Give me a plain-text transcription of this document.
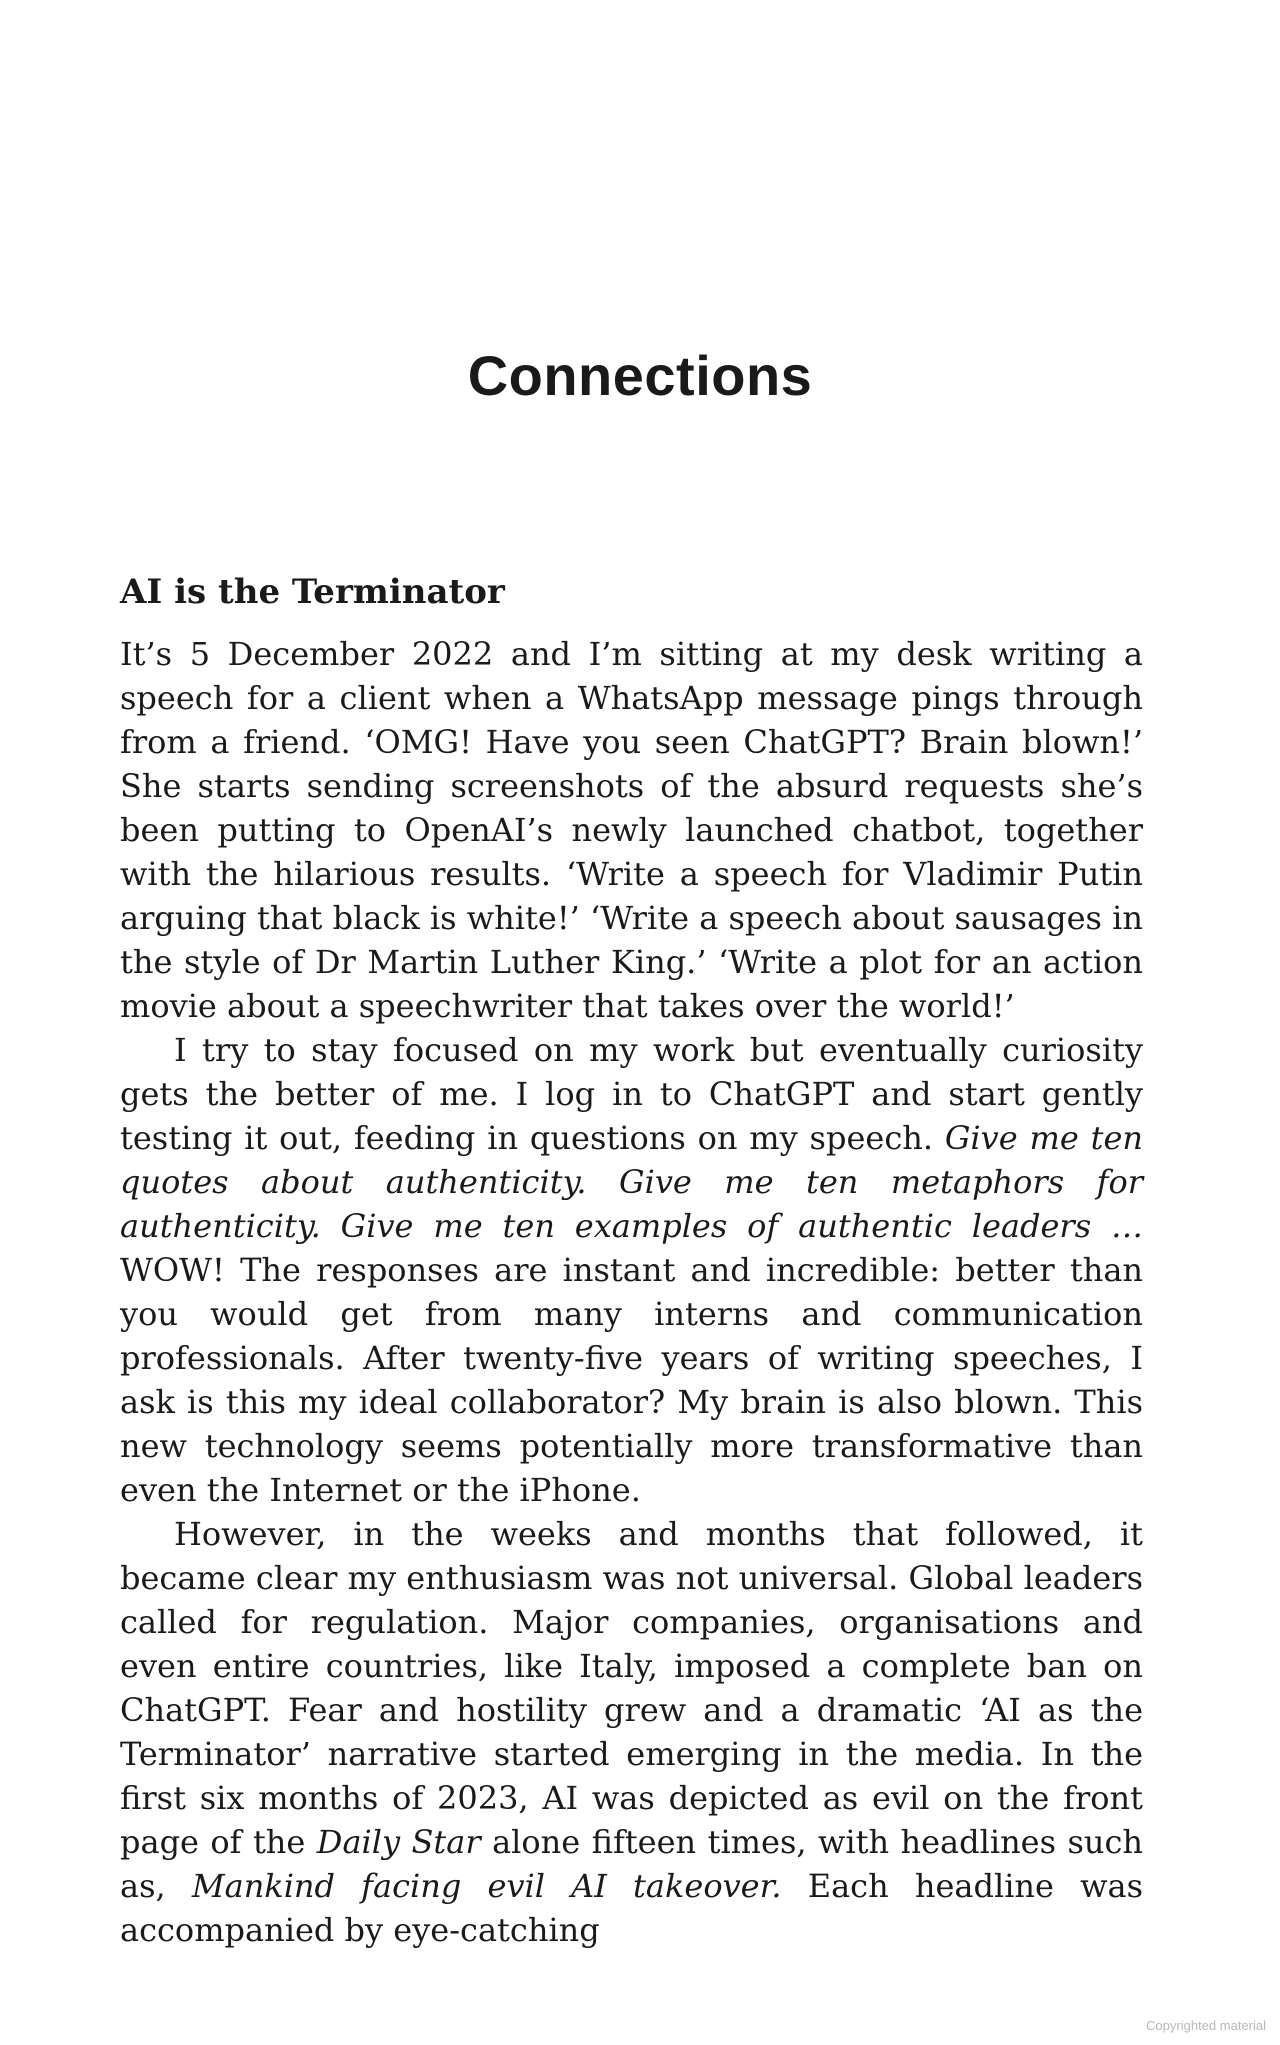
Connections
AI is the Terminator

It’s 5 December 2022 and I’m sitting at my desk writing a speech for a client when a WhatsApp message pings through from a friend. ‘OMG! Have you seen ChatGPT? Brain blown!’ She starts sending screenshots of the absurd requests she’s been putting to OpenAI’s newly launched chatbot, together with the hilarious results. ‘Write a speech for Vladimir Putin arguing that black is white!’ ‘Write a speech about sausages in the style of Dr Martin Luther King.’ ‘Write a plot for an action movie about a speechwriter that takes over the world!’

I try to stay focused on my work but eventually curiosity gets the better of me. I log in to ChatGPT and start gently testing it out, feeding in questions on my speech. Give me ten quotes about authenticity. Give me ten metaphors for authenticity. Give me ten examples of authentic leaders … WOW! The responses are instant and incredible: better than you would get from many interns and communication professionals. After twenty-five years of writing speeches, I ask is this my ideal collaborator? My brain is also blown. This new technology seems potentially more transformative than even the Internet or the iPhone.

However, in the weeks and months that followed, it became clear my enthusiasm was not universal. Global leaders called for regulation. Major companies, organisations and even entire countries, like Italy, imposed a complete ban on ChatGPT. Fear and hostility grew and a dramatic ‘AI as the Terminator’ narrative started emerging in the media. In the first six months of 2023, AI was depicted as evil on the front page of the Daily Star alone fifteen times, with headlines such as, Mankind facing evil AI takeover. Each headline was accompanied by eye-catching

Copyrighted material
